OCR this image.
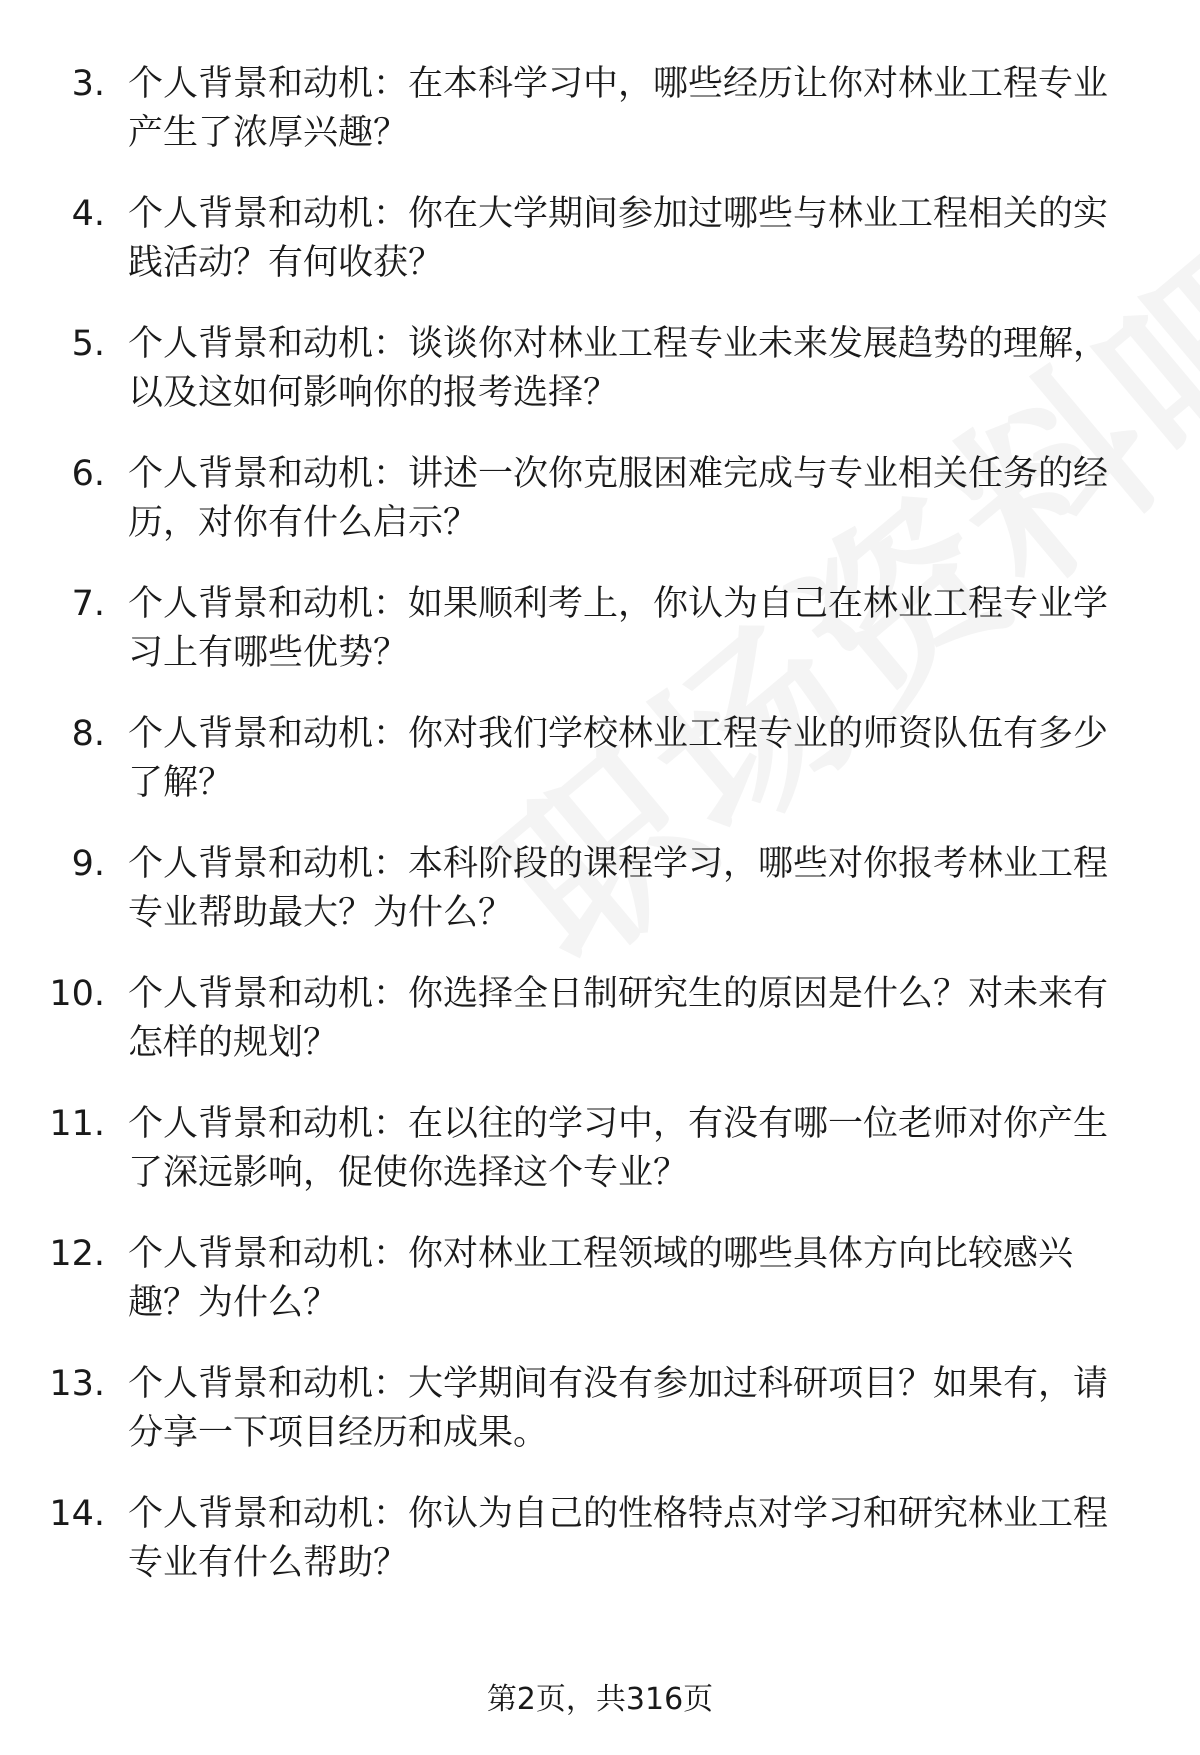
3. 个人背景和动机：在本科学习中，哪些经历让你对林业工程专业产生了浓厚兴趣？
4. 个人背景和动机：你在大学期间参加过哪些与林业工程相关的实践活动？有何收获？
5. 个人背景和动机：谈谈你对林业工程专业未来发展趋势的理解，以及这如何影响你的报考选择？
6. 个人背景和动机：讲述一次你克服困难完成与专业相关任务的经历，对你有什么启示？
7. 个人背景和动机：如果顺利考上，你认为自己在林业工程专业学习上有哪些优势？
8. 个人背景和动机：你对我们学校林业工程专业的师资队伍有多少了解？
9. 个人背景和动机：本科阶段的课程学习，哪些对你报考林业工程专业帮助最大？为什么？
10. 个人背景和动机：你选择全日制研究生的原因是什么？对未来有怎样的规划？
11. 个人背景和动机：在以往的学习中，有没有哪一位老师对你产生了深远影响，促使你选择这个专业？
12. 个人背景和动机：你对林业工程领域的哪些具体方向比较感兴趣？为什么？
13. 个人背景和动机：大学期间有没有参加过科研项目？如果有，请分享一下项目经历和成果。
14. 个人背景和动机：你认为自己的性格特点对学习和研究林业工程专业有什么帮助？
第2页，共316页
